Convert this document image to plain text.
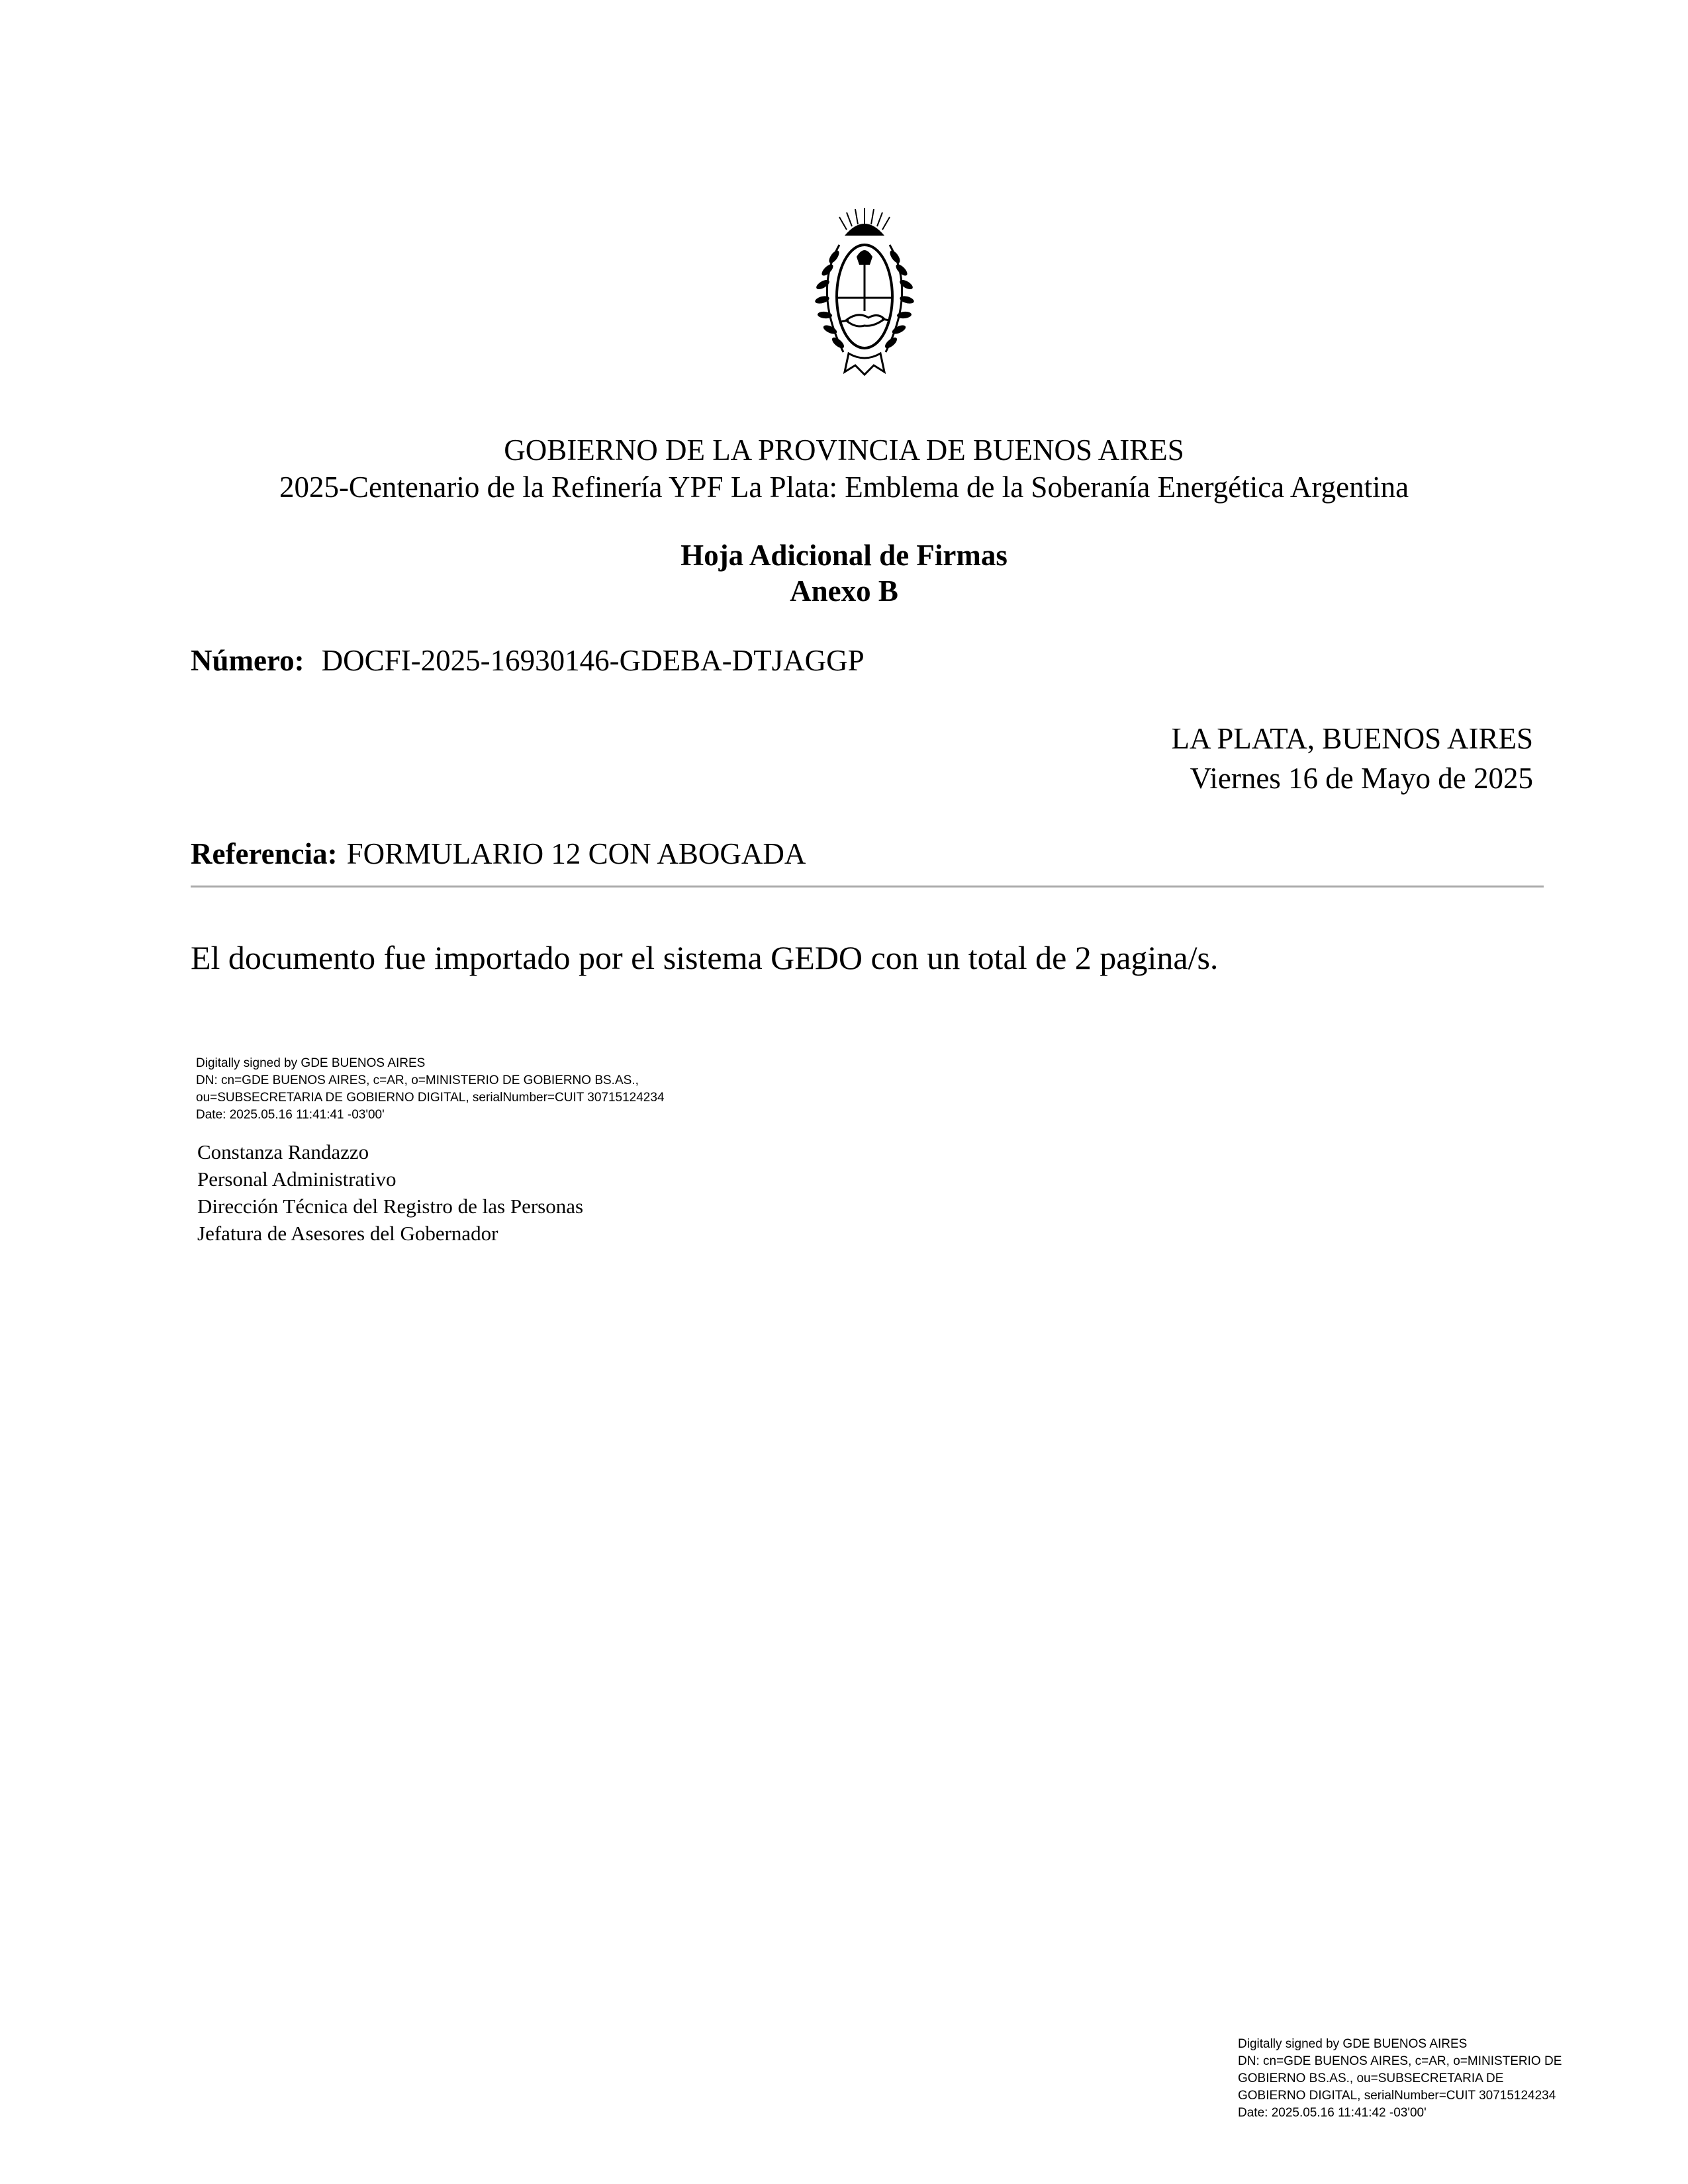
GOBIERNO DE LA PROVINCIA DE BUENOS AIRES
2025-Centenario de la Refinería YPF La Plata: Emblema de la Soberanía Energética Argentina
Hoja Adicional de Firmas
Anexo B
Número: DOCFI-2025-16930146-GDEBA-DTJAGGP
LA PLATA, BUENOS AIRES
Viernes 16 de Mayo de 2025
Referencia: FORMULARIO 12 CON ABOGADA
El documento fue importado por el sistema GEDO con un total de 2 pagina/s.
Digitally signed by GDE BUENOS AIRES
DN: cn=GDE BUENOS AIRES, c=AR, o=MINISTERIO DE GOBIERNO BS.AS.,
ou=SUBSECRETARIA DE GOBIERNO DIGITAL, serialNumber=CUIT 30715124234
Date: 2025.05.16 11:41:41 -03'00'
Constanza Randazzo
Personal Administrativo
Dirección Técnica del Registro de las Personas
Jefatura de Asesores del Gobernador
Digitally signed by GDE BUENOS AIRES
DN: cn=GDE BUENOS AIRES, c=AR, o=MINISTERIO DE
GOBIERNO BS.AS., ou=SUBSECRETARIA DE
GOBIERNO DIGITAL, serialNumber=CUIT 30715124234
Date: 2025.05.16 11:41:42 -03'00'
